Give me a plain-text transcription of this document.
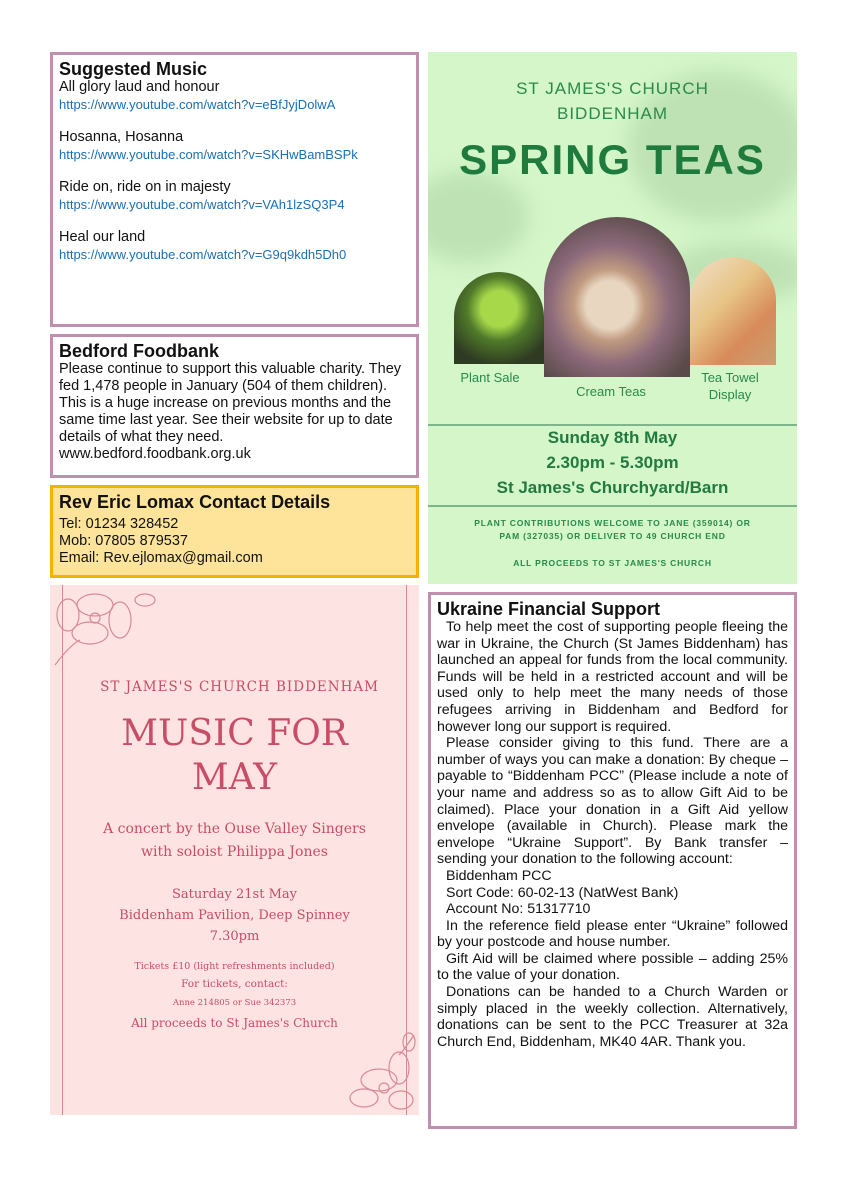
Suggested Music
All glory laud and honour
https://www.youtube.com/watch?v=eBfJyjDolwA
Hosanna, Hosanna
https://www.youtube.com/watch?v=SKHwBamBSPk
Ride on, ride on in majesty
https://www.youtube.com/watch?v=VAh1lzSQ3P4
Heal our land
https://www.youtube.com/watch?v=G9q9kdh5Dh0
Bedford Foodbank
Please continue to support this valuable charity. They fed 1,478 people in January (504 of them children). This is a huge increase on previous months and the same time last year. See their website for up to date details of what they need.
www.bedford.foodbank.org.uk
Rev Eric Lomax Contact Details
Tel: 01234 328452
Mob: 07805 879537
Email: Rev.ejlomax@gmail.com
ST JAMES'S CHURCH
BIDDENHAM
SPRING TEAS
Plant Sale
Cream Teas
Tea Towel
Display
Sunday 8th May
2.30pm - 5.30pm
St James's Churchyard/Barn
PLANT CONTRIBUTIONS WELCOME TO JANE (359014) OR
PAM (327035) OR DELIVER TO 49 CHURCH END
ALL PROCEEDS TO ST JAMES'S CHURCH
ST JAMES'S CHURCH BIDDENHAM
MUSIC FOR
MAY
A concert by the Ouse Valley Singers
with soloist Philippa Jones
Saturday 21st May
Biddenham Pavilion, Deep Spinney
7.30pm
Tickets £10 (light refreshments included)
For tickets, contact:
Anne 214805 or Sue 342373
All proceeds to St James's Church
Ukraine Financial Support
To help meet the cost of supporting people fleeing the war in Ukraine, the Church (St James Biddenham) has launched an appeal for funds from the local community. Funds will be held in a restricted account and will be used only to help meet the many needs of those refugees arriving in Biddenham and Bedford for however long our support is required.
Please consider giving to this fund. There are a number of ways you can make a donation: By cheque – payable to “Biddenham PCC” (Please include a note of your name and address so as to allow Gift Aid to be claimed). Place your donation in a Gift Aid yellow envelope (available in Church). Please mark the envelope “Ukraine Support”. By Bank transfer – sending your donation to the following account:
Biddenham PCC
Sort Code: 60-02-13 (NatWest Bank)
Account No: 51317710
In the reference field please enter “Ukraine” followed by your postcode and house number.
Gift Aid will be claimed where possible – adding 25% to the value of your donation.
Donations can be handed to a Church Warden or simply placed in the weekly collection. Alternatively, donations can be sent to the PCC Treasurer at 32a Church End, Biddenham, MK40 4AR. Thank you.
